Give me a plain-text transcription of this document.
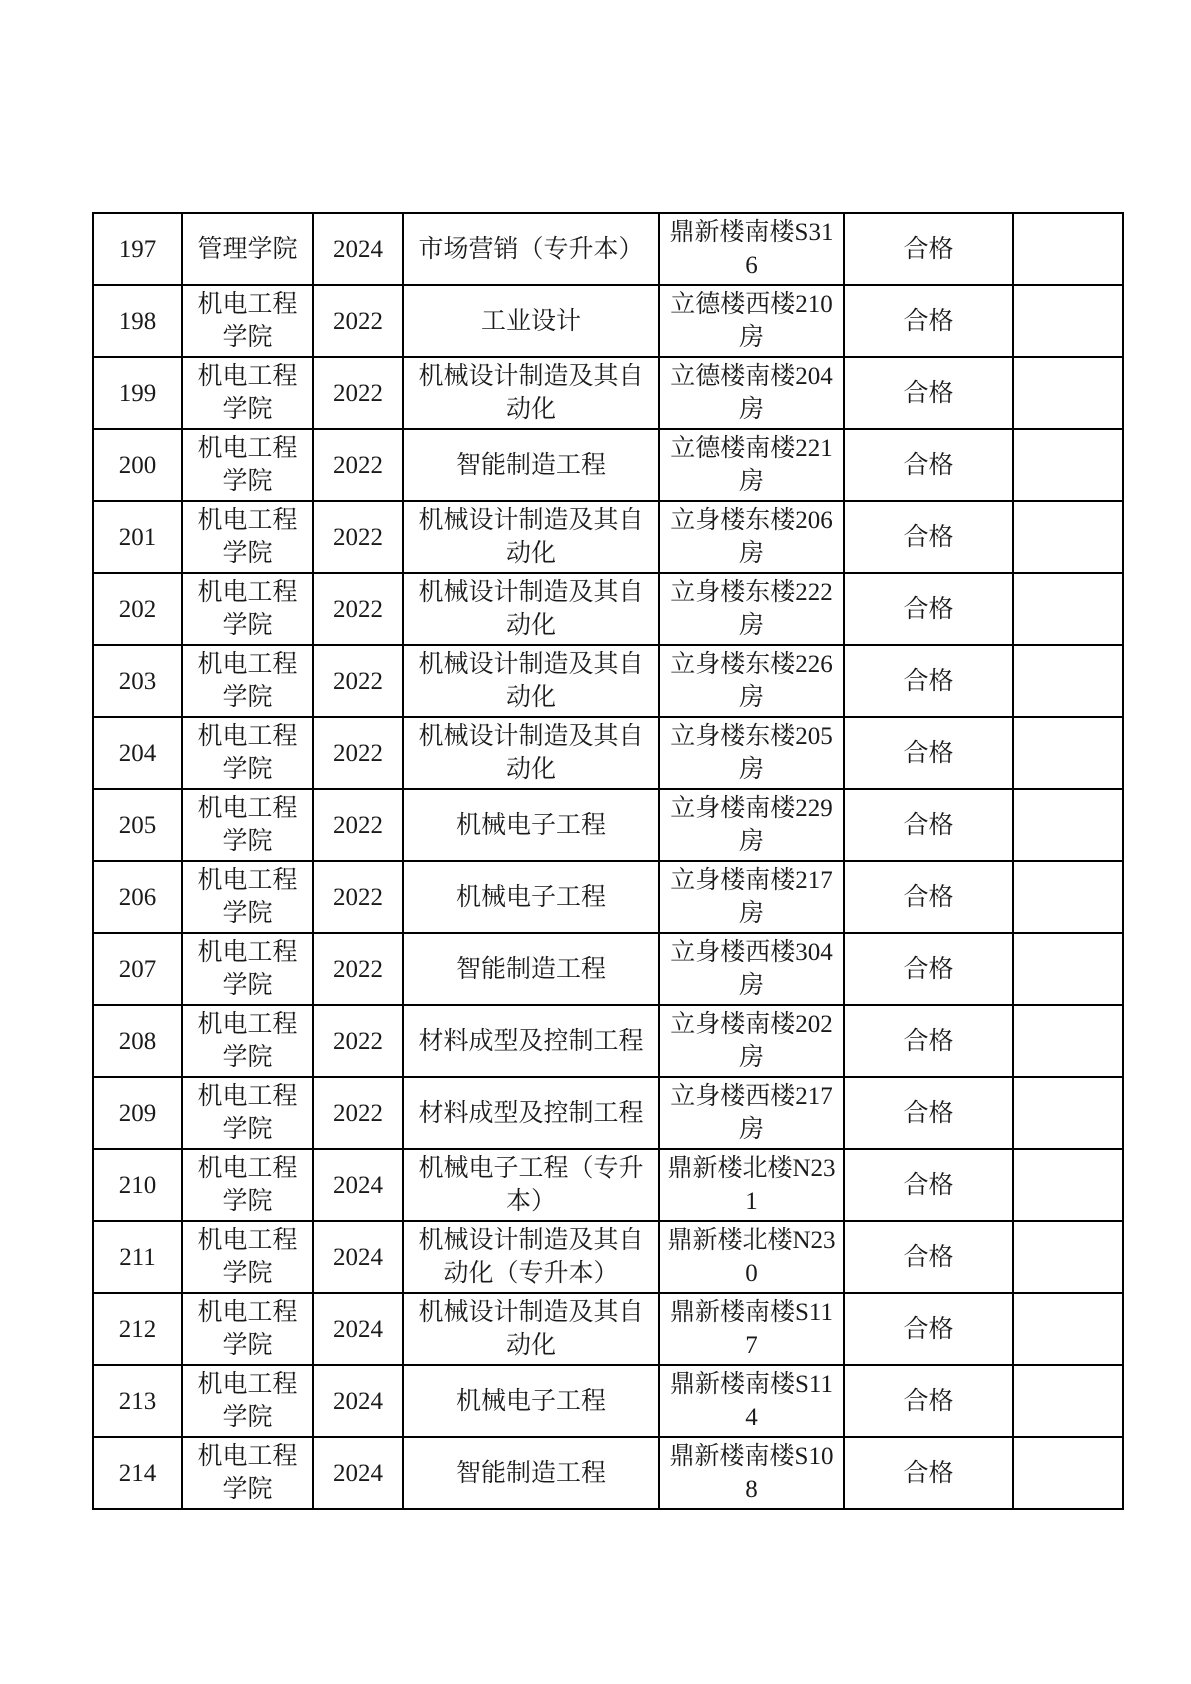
197	管理学院	2024	市场营销（专升本）	鼎新楼南楼S316	合格	
198	机电工程学院	2022	工业设计	立德楼西楼210房	合格	
199	机电工程学院	2022	机械设计制造及其自动化	立德楼南楼204房	合格	
200	机电工程学院	2022	智能制造工程	立德楼南楼221房	合格	
201	机电工程学院	2022	机械设计制造及其自动化	立身楼东楼206房	合格	
202	机电工程学院	2022	机械设计制造及其自动化	立身楼东楼222房	合格	
203	机电工程学院	2022	机械设计制造及其自动化	立身楼东楼226房	合格	
204	机电工程学院	2022	机械设计制造及其自动化	立身楼东楼205房	合格	
205	机电工程学院	2022	机械电子工程	立身楼南楼229房	合格	
206	机电工程学院	2022	机械电子工程	立身楼南楼217房	合格	
207	机电工程学院	2022	智能制造工程	立身楼西楼304房	合格	
208	机电工程学院	2022	材料成型及控制工程	立身楼南楼202房	合格	
209	机电工程学院	2022	材料成型及控制工程	立身楼西楼217房	合格	
210	机电工程学院	2024	机械电子工程（专升本）	鼎新楼北楼N231	合格	
211	机电工程学院	2024	机械设计制造及其自动化（专升本）	鼎新楼北楼N230	合格	
212	机电工程学院	2024	机械设计制造及其自动化	鼎新楼南楼S117	合格	
213	机电工程学院	2024	机械电子工程	鼎新楼南楼S114	合格	
214	机电工程学院	2024	智能制造工程	鼎新楼南楼S108	合格	
